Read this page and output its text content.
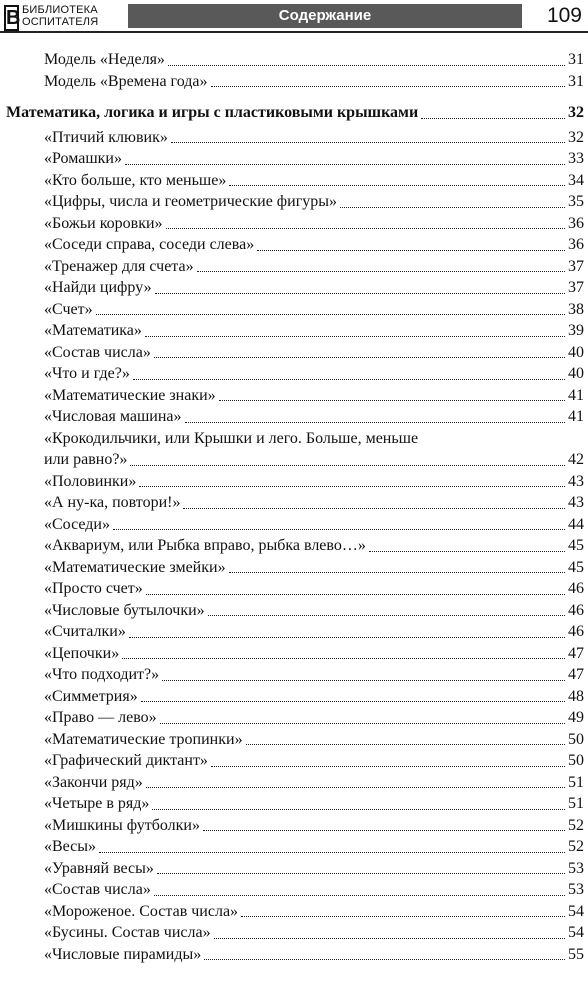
В БИБЛИОТЕКА
ОСПИТАТЕЛЯ	Содержание	109
Модель «Неделя»	31
Модель «Времена года»	31
Математика, логика и игры с пластиковыми крышками	32
«Птичий клювик»	32
«Ромашки»	33
«Кто больше, кто меньше»	34
«Цифры, числа и геометрические фигуры»	35
«Божьи коровки»	36
«Соседи справа, соседи слева»	36
«Тренажер для счета»	37
«Найди цифру»	37
«Счет»	38
«Математика»	39
«Состав числа»	40
«Что и где?»	40
«Математические знаки»	41
«Числовая машина»	41
«Крокодильчики, или Крышки и лего. Больше, меньше
или равно?»	42
«Половинки»	43
«А ну-ка, повтори!»	43
«Соседи»	44
«Аквариум, или Рыбка вправо, рыбка влево…»	45
«Математические змейки»	45
«Просто счет»	46
«Числовые бутылочки»	46
«Считалки»	46
«Цепочки»	47
«Что подходит?»	47
«Симметрия»	48
«Право — лево»	49
«Математические тропинки»	50
«Графический диктант»	50
«Закончи ряд»	51
«Четыре в ряд»	51
«Мишкины футболки»	52
«Весы»	52
«Уравняй весы»	53
«Состав числа»	53
«Мороженое. Состав числа»	54
«Бусины. Состав числа»	54
«Числовые пирамиды»	55
